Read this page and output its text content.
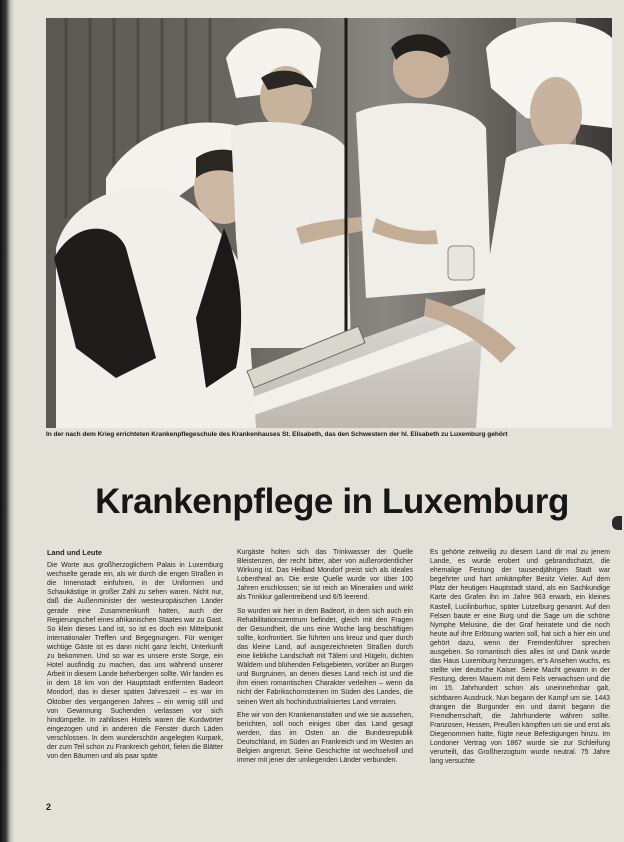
In der nach dem Krieg errichteten Krankenpflegeschule des Krankenhauses St. Elisabeth, das den Schwestern der hl. Elisabeth zu Luxemburg gehört
Krankenpflege in Luxemburg

Land und Leute

Die Worte aus großherzoglichem Palais in Luxemburg wechselte gerade ein, als wir durch die engen Straßen in die Innenstadt einfuhren, in der Uniformen und Schaukästige in großer Zahl zu sehen waren. Nicht nur, daß die Außenminister der westeuropäischen Länder gerade eine Zusammenkunft hatten, auch der Regierungschef eines afrikanischen Staates war zu Gast. So klein dieses Land ist, so ist es doch ein Mittelpunkt internationaler Treffen und Begegnungen. Für weniger wichtige Gäste ist es dann nicht ganz leicht, Unterkunft zu bekommen. Und so war es unsere erste Sorge, ein Hotel ausfindig zu machen, das uns während unserer Arbeit in diesem Lande beherbergen sollte. Wir fanden es in dem 18 km von der Hauptstadt entfernten Badeort Mondorf, das in dieser späten Jahreszeit – es war im Oktober des vergangenen Jahres – ein wenig still und von Gewinnung Suchenden verlassen vor sich hindümpelte. In zahllosen Hotels waren die Kurdwörter eingezogen und in anderen die Fenster durch Läden verschlossen. In dem wunderschön angelegten Kurpark, der zum Teil schon zu Frankreich gehört, fielen die Blätter von den Bäumen und als paar späte

Kurgäste holten sich das Trinkwasser der Quelle Bleistenzen, der recht bitter, aber von außerordentlicher Wirkung ist. Das Heilbad Mondorf preist sich als ideales Lobentheal an. Die erste Quelle wurde vor über 100 Jahren erschlossen; sie ist reich an Mineralien und wirkt als Trinkkur gallentreibend und 6/5 leerend.

So wurden wir hier in dem Badeort, in dem sich auch ein Rehabilitationszentrum befindet, gleich mit den Fragen der Gesundheit, die uns eine Woche lang beschäftigen sollte, konfrontiert. Sie führten uns kreuz und quer durch das kleine Land, auf ausgezeichneten Straßen durch eine liebliche Landschaft mit Tälern und Hügeln, dichten Wäldern und blühenden Felsgebieten, vorüber an Burgen und Burgruinen, an denen dieses Land reich ist und die ihm einen romantischen Charakter verleihen – wenn da nicht der Fabrikschornsteinen im Süden des Landes, die seinen Wert als hochindustrialisiertes Land verraten.

Ehe wir von den Krankenanstalten und wie sie aussehen, berichten, soll noch einiges über das Land gesagt werden, das im Osten an die Bundesrepublik Deutschland, im Süden an Frankreich und im Westen an Belgien angrenzt. Seine Geschichte ist wechselvoll und immer mit jener der umliegenden Länder verbunden.

Es gehörte zeitweilig zu diesem Land dir mal zu jenem Lande, es wurde erobert und gebrandschatzt, die ehemalige Festung der tausendjährigen Stadt war begehrter und hart umkämpfter Besitz Vieler. Auf dem Platz der heutigen Hauptstadt stand, als ein Sachkundige Karte des Grafen ihn im Jahre 963 erwarb, ein kleines Kastell, Lucilinburhuc, später Lutzelburg genannt. Auf den Felsen baute er eine Burg und die Sage um die schöne Nymphe Melusine, die der Graf heiratete und die noch heute auf ihre Erlösung warten soll, hat sich a hier ein und gehört dazu, wenn der Fremdenführer sprechen ausgeben. So romantisch dies alles ist und Dank wurde das Haus Luxemburg herzuragen, er's Ansehen wuchs, es stellte vier deutsche Kaiser. Seine Macht gewann in der Festung, deren Mauern mit dem Fels verwachsen und die im 15. Jahrhundert schon als uneinnehmbar galt, sichtbaren Ausdruck. Nun begann der Kampf um sie. 1443 drangen die Burgunder ein und damit begann die Fremdherrschaft, die Jahrhunderte währen sollte. Franzosen, Hessen, Preußen kämpften um sie und erst als Diegenommen hatte, fügte neue Befestigungen hinzu. Im Londoner Vertrag von 1867 wurde sie zur Schleifung verurteilt, das Großherzogtum wurde neutral. 75 Jahre lang versuchte

2
